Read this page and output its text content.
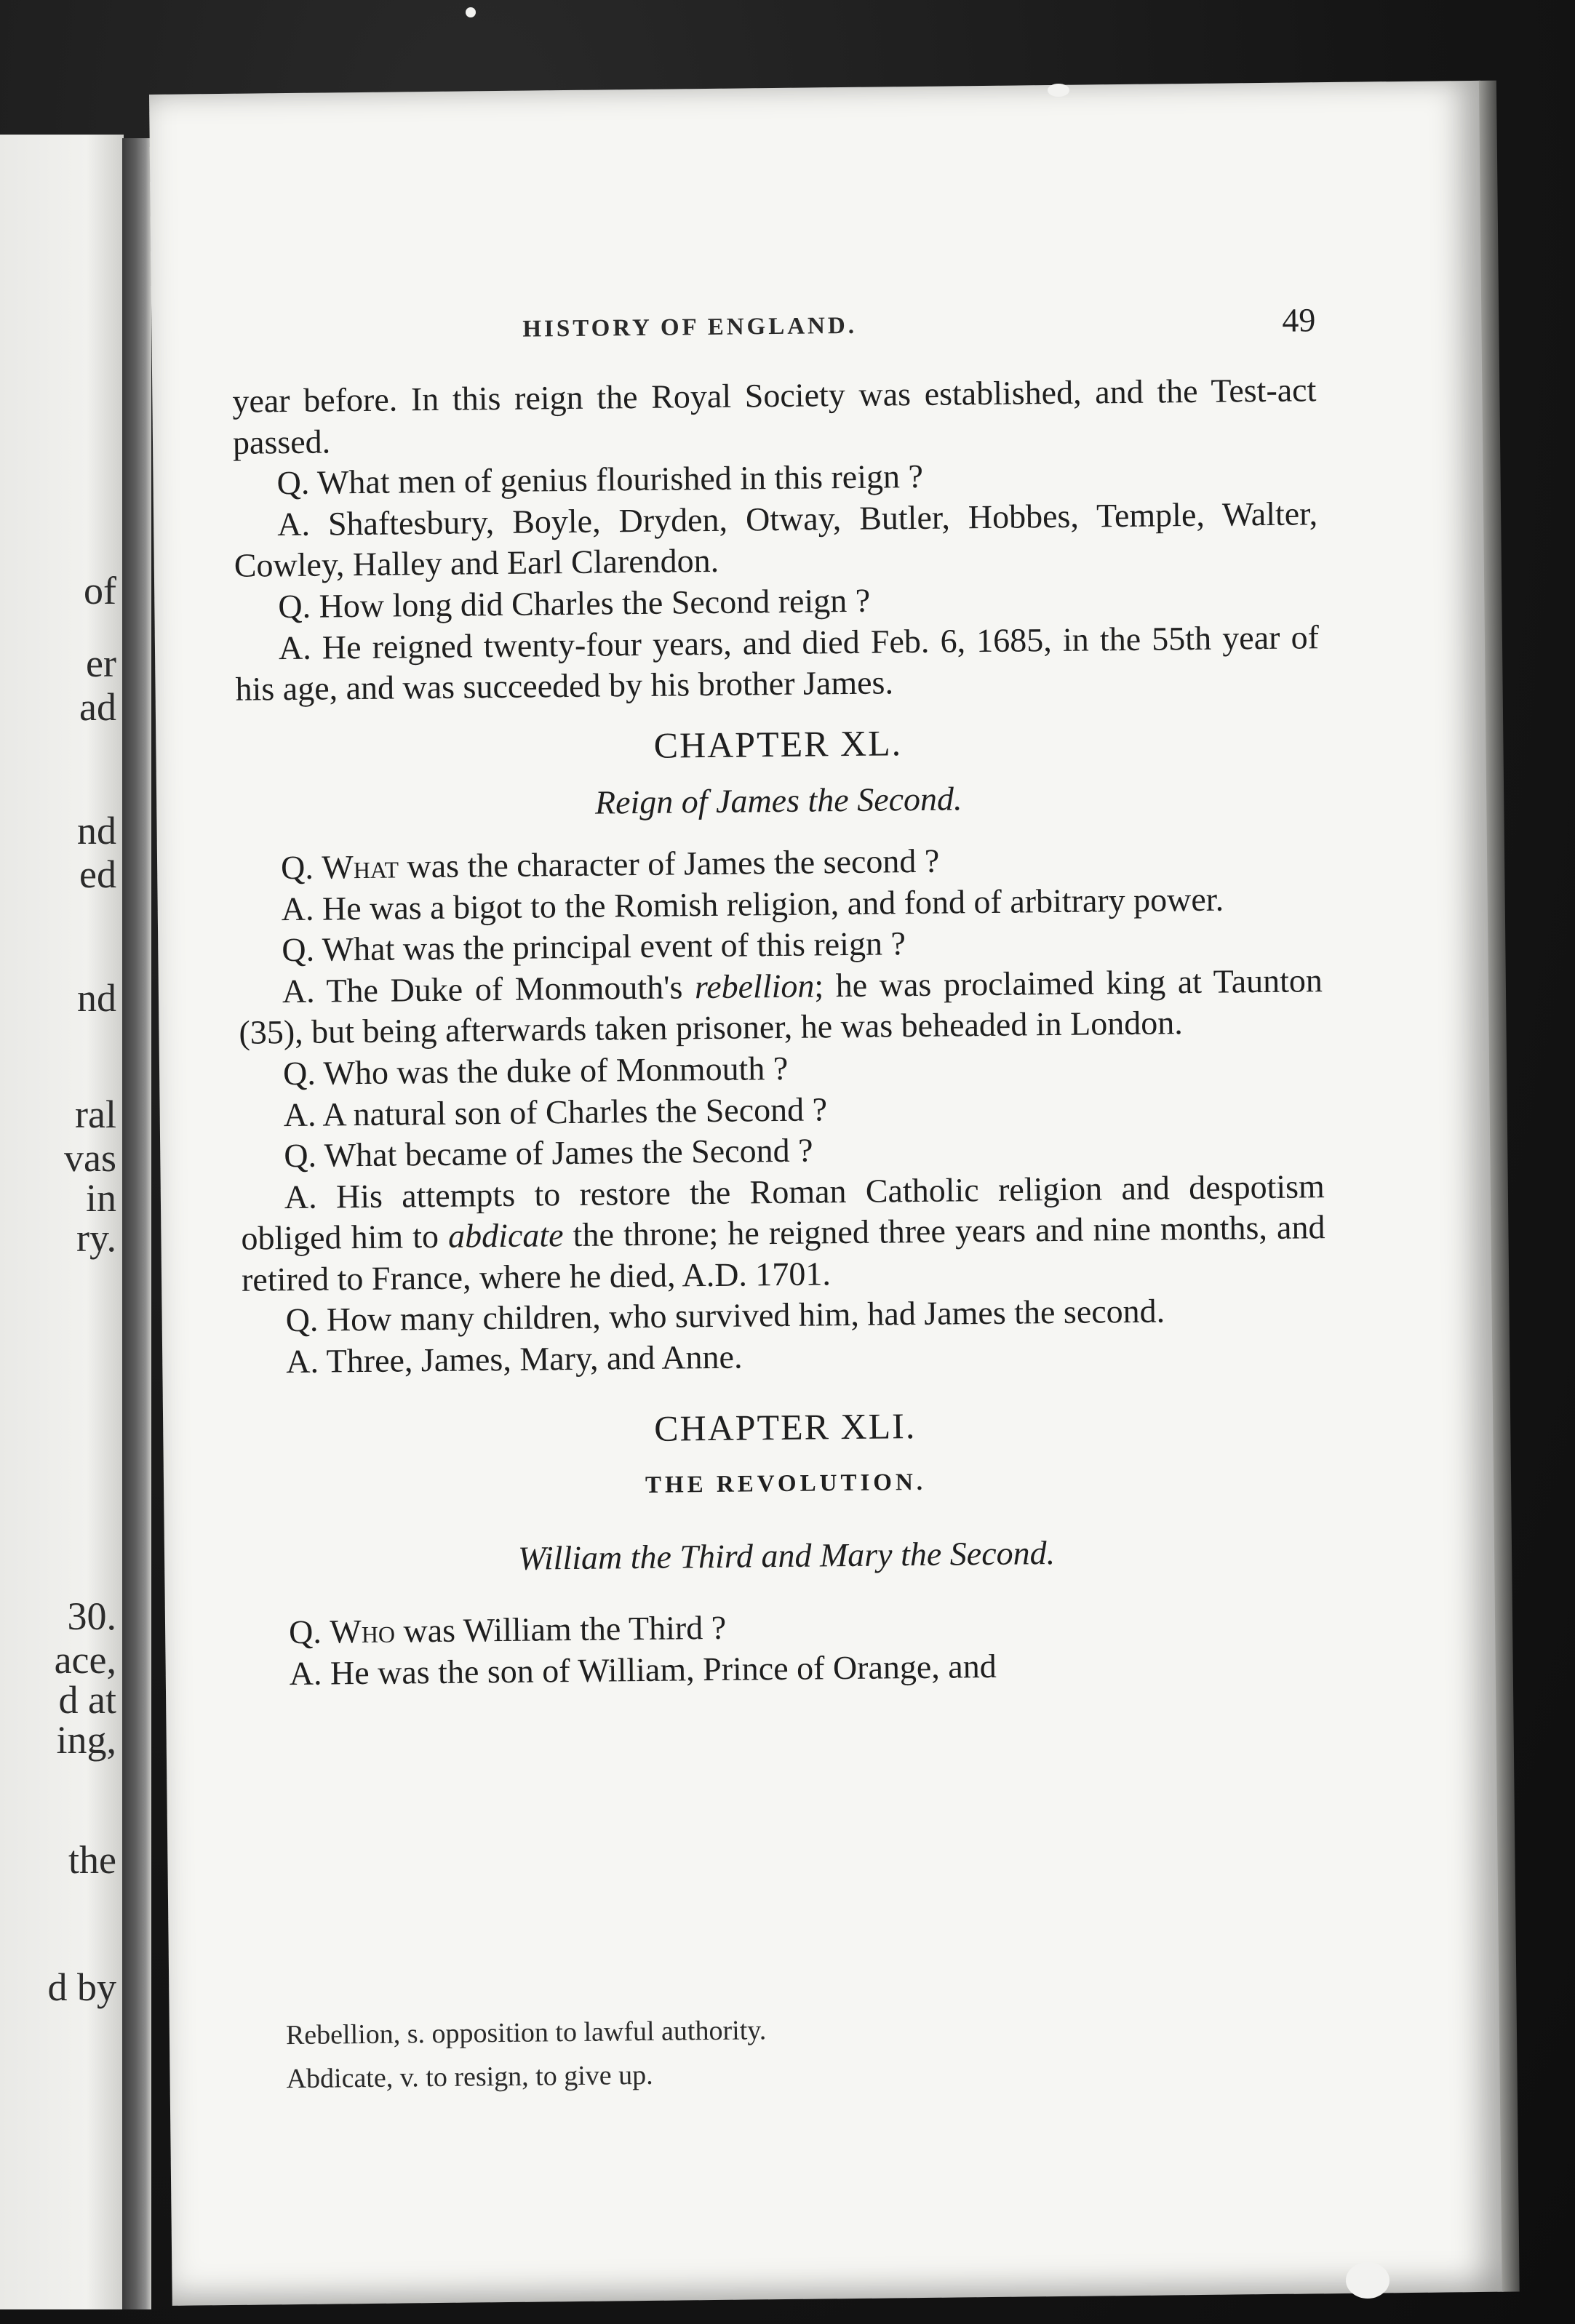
of
er
ad
nd
ed
nd
ral
vas
in
ry.
30.
ace,
d at
ing,
the
d by
HISTORY OF ENGLAND.	49

year before. In this reign the Royal Society was established, and the Test-act passed.

Q. What men of genius flourished in this reign ?

A. Shaftesbury, Boyle, Dryden, Otway, Butler, Hobbes, Temple, Walter, Cowley, Halley and Earl Clarendon.

Q. How long did Charles the Second reign ?

A. He reigned twenty-four years, and died Feb. 6, 1685, in the 55th year of his age, and was succeeded by his brother James.

CHAPTER XL.

Reign of James the Second.

Q. What was the character of James the second ?

A. He was a bigot to the Romish religion, and fond of arbitrary power.

Q. What was the principal event of this reign ?

A. The Duke of Monmouth's rebellion; he was proclaimed king at Taunton (35), but being afterwards taken prisoner, he was beheaded in London.

Q. Who was the duke of Monmouth ?

A. A natural son of Charles the Second ?

Q. What became of James the Second ?

A. His attempts to restore the Roman Catholic religion and despotism obliged him to abdicate the throne; he reigned three years and nine months, and retired to France, where he died, A.D. 1701.

Q. How many children, who survived him, had James the second.

A. Three, James, Mary, and Anne.

CHAPTER XLI.

THE REVOLUTION.

William the Third and Mary the Second.

Q. Who was William the Third ?

A. He was the son of William, Prince of Orange, and

Rebellion, s. opposition to lawful authority.

Abdicate, v. to resign, to give up.
